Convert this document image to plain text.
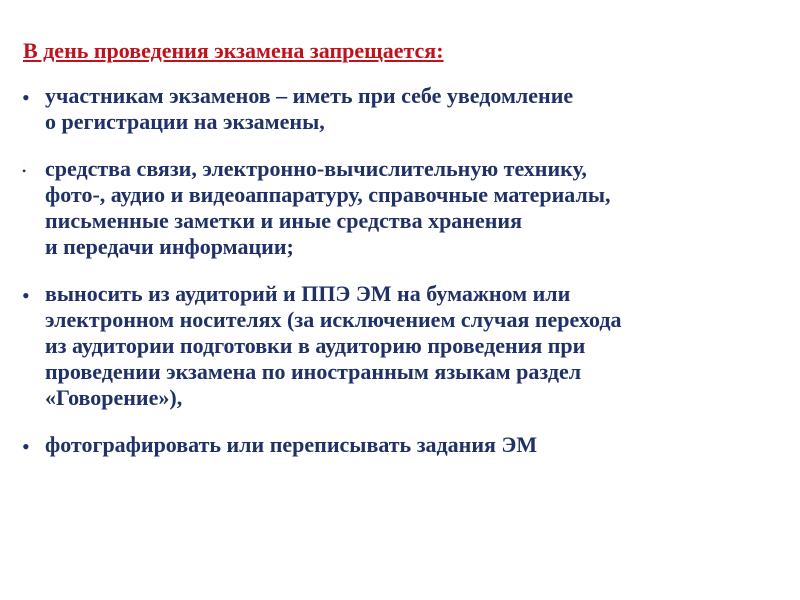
В день проведения экзамена запрещается:
• участникам экзаменов – иметь при себе уведомление
о регистрации на экзамены,
• средства связи, электронно-вычислительную технику,
фото-, аудио и видеоаппаратуру, справочные материалы,
письменные заметки и иные средства хранения
и передачи информации;
• выносить из аудиторий и ППЭ ЭМ на бумажном или
электронном носителях (за исключением случая перехода
из аудитории подготовки в аудиторию проведения при
проведении экзамена по иностранным языкам раздел
«Говорение»),
• фотографировать или переписывать задания ЭМ
